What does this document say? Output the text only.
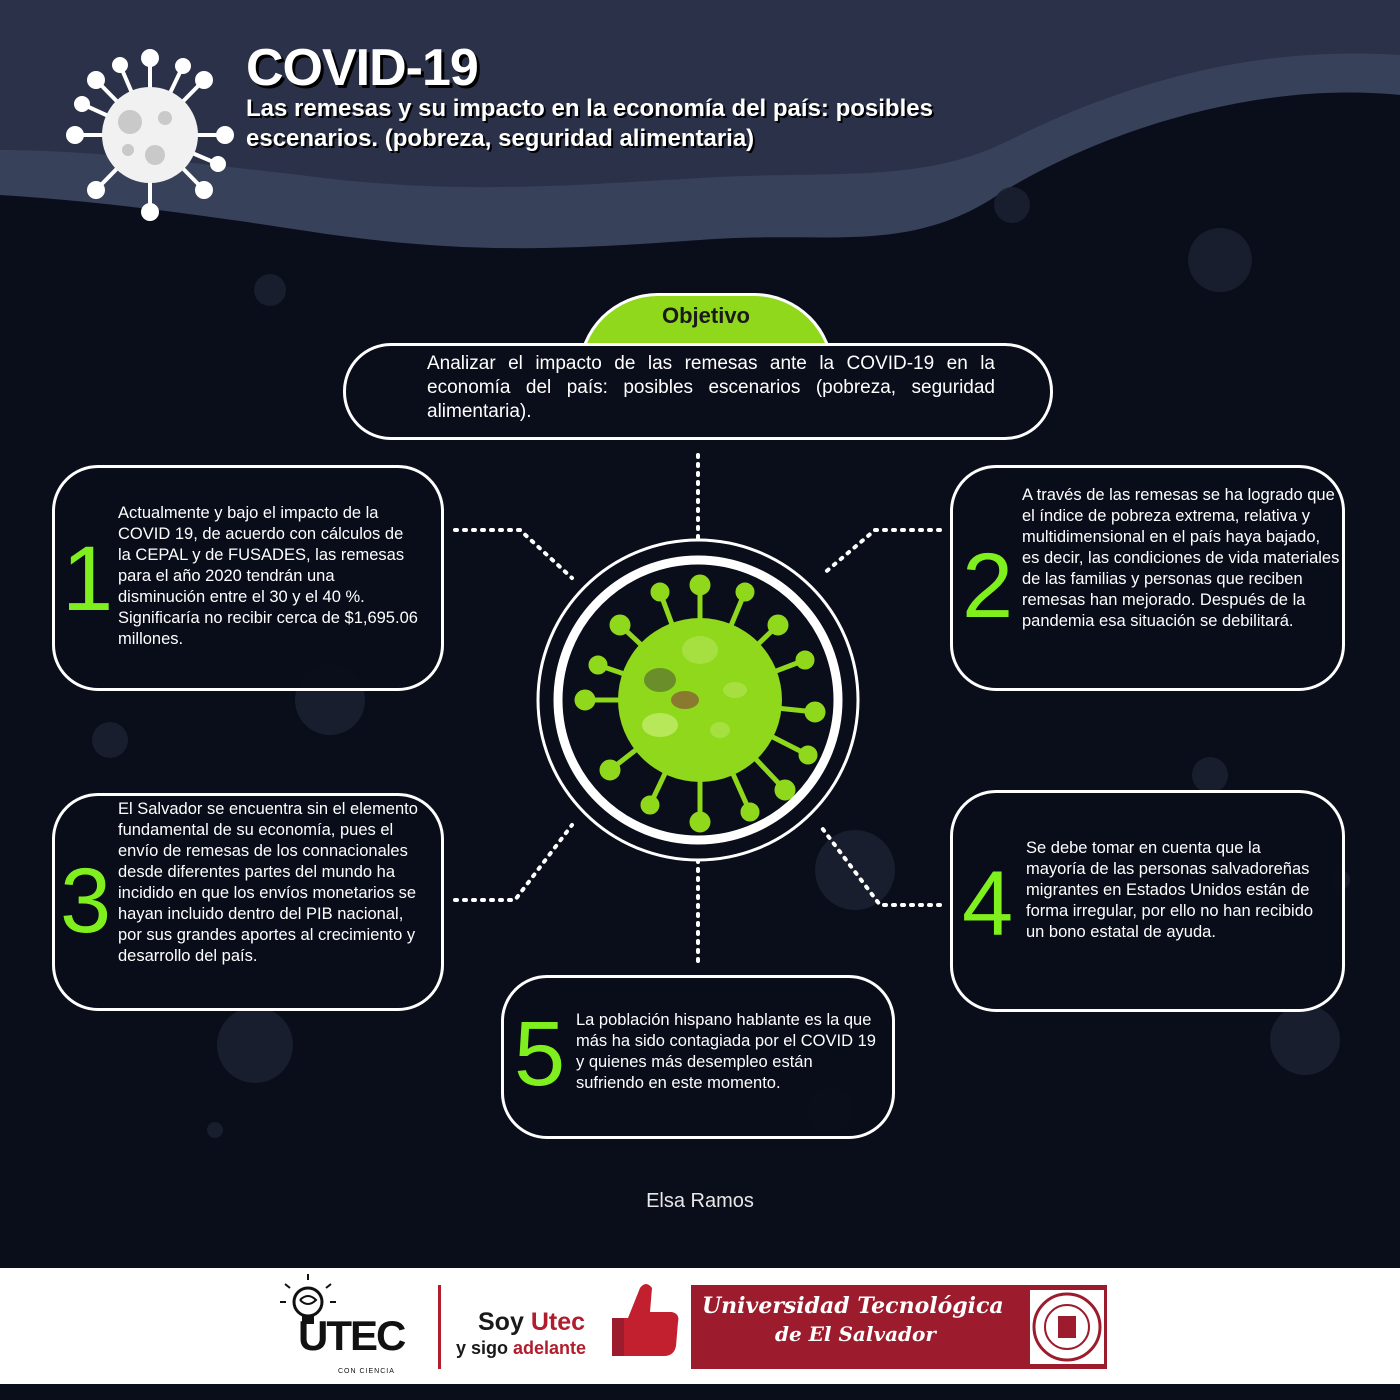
COVID-19
Las remesas y su impacto en la economía del país: posibles escenarios. (pobreza, seguridad alimentaria)
Objetivo
Analizar el impacto de las remesas ante la COVID-19 en la economía del país: posibles escenarios (pobreza, seguridad alimentaria).
1
Actualmente y bajo el impacto de la COVID 19, de acuerdo con cálculos de la CEPAL y de FUSADES, las remesas para el año 2020 tendrán una disminución entre el 30 y el 40 %. Significaría no recibir cerca de $1,695.06 millones.
2
A través de las remesas se ha logrado que el índice de pobreza extrema, relativa y multidimensional en el país haya bajado, es decir, las condiciones de vida materiales de las familias y personas que reciben remesas han mejorado. Después de la pandemia esa situación se debilitará.
3
El Salvador se encuentra sin el elemento fundamental de su economía, pues el envío de remesas de los connacionales desde diferentes partes del mundo ha incidido en que los envíos monetarios se hayan incluido dentro del PIB nacional, por sus grandes aportes al crecimiento y desarrollo del país.
4
Se debe tomar en cuenta que la mayoría de las personas salvadoreñas migrantes en Estados Unidos están de forma irregular, por ello no han recibido un bono estatal de ayuda.
5 La población hispano hablante es la que más ha sido contagiada por el COVID 19 y quienes más desempleo están sufriendo en este momento.
Elsa Ramos
UTEC
CON CIENCIA
Soy Utec
y sigo adelante
Universidad Tecnológica
de El Salvador
